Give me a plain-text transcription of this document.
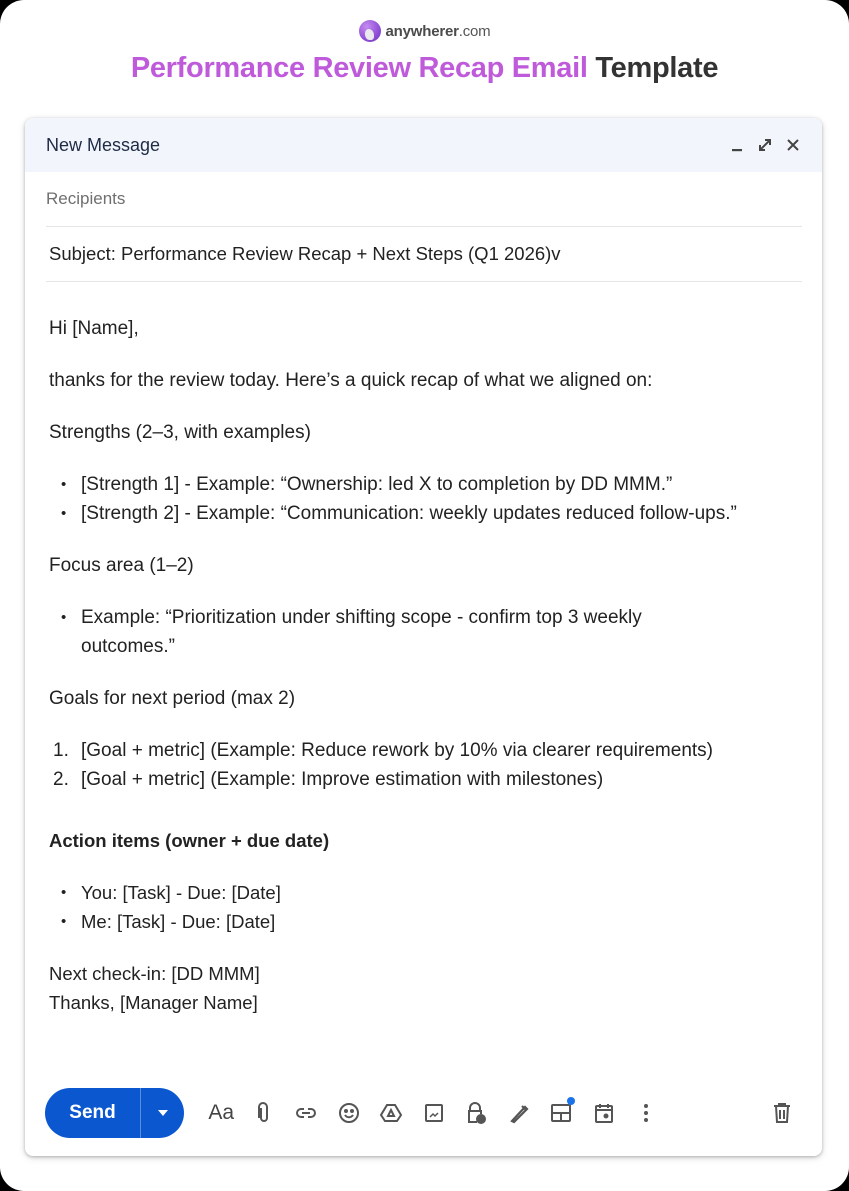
anywherer.com
Performance Review Recap Email Template
New Message
Recipients
Subject: Performance Review Recap + Next Steps (Q1 2026)v

Hi [Name],

thanks for the review today. Here’s a quick recap of what we aligned on:

Strengths (2–3, with examples)

• [Strength 1] - Example: “Ownership: led X to completion by DD MMM.”
• [Strength 2] - Example: “Communication: weekly updates reduced follow-ups.”

Focus area (1–2)

• Example: “Prioritization under shifting scope - confirm top 3 weekly outcomes.”

Goals for next period (max 2)

1. [Goal + metric] (Example: Reduce rework by 10% via clearer requirements)
2. [Goal + metric] (Example: Improve estimation with milestones)

Action items (owner + due date)

• You: [Task] - Due: [Date]
• Me: [Task] - Due: [Date]

Next check-in: [DD MMM]

Thanks, [Manager Name]

Send	Aa
